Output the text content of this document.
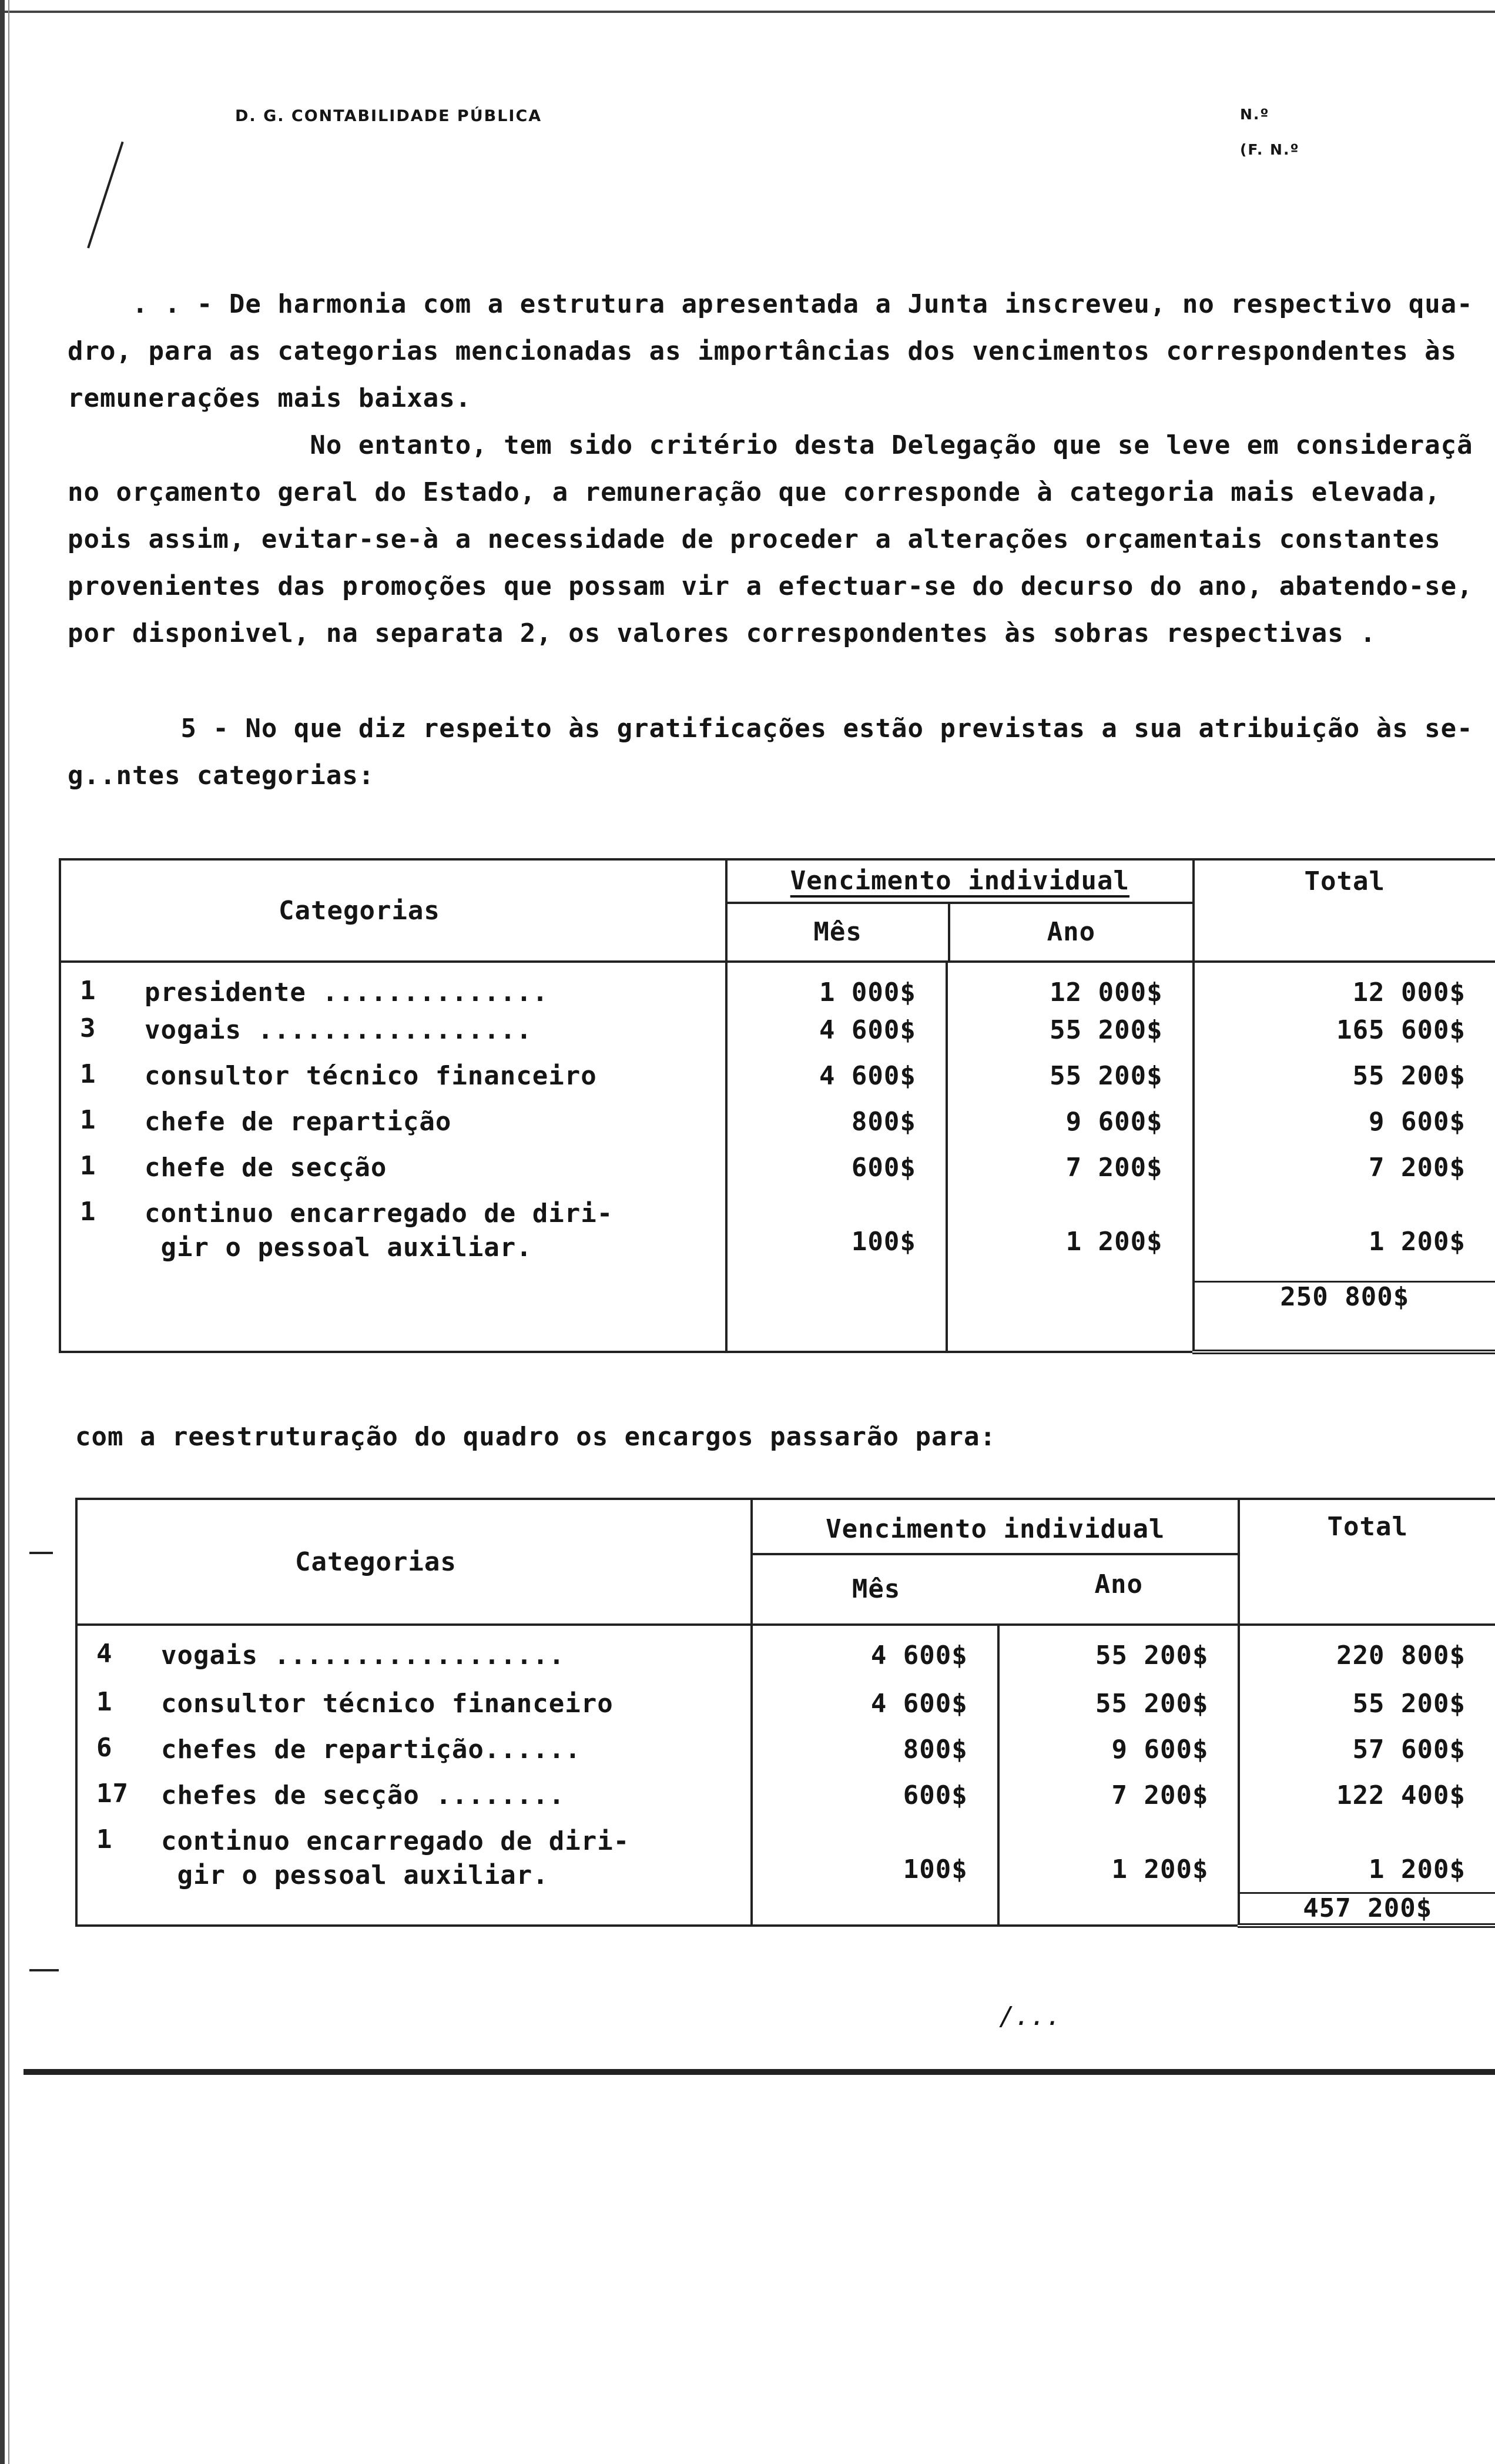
D. G. CONTABILIDADE PÚBLICA	N.º
(F. N.º

. . - De harmonia com a estrutura apresentada a Junta inscreveu, no respectivo qua-
dro, para as categorias mencionadas as importâncias dos vencimentos correspondentes às
remunerações mais baixas.

No entanto, tem sido critério desta Delegação que se leve em consideraçã
no orçamento geral do Estado, a remuneração que corresponde à categoria mais elevada,
pois assim, evitar-se-à a necessidade de proceder a alterações orçamentais constantes
provenientes das promoções que possam vir a efectuar-se do decurso do ano, abatendo-se,
por disponivel, na separata 2, os valores correspondentes às sobras respectivas .

5 - No que diz respeito às gratificações estão previstas a sua atribuição às se-
g..ntes categorias:

Categorias	Vencimento individual
Mês Ano		Total
1 presidente ..............	1 000$	12 000$	12 000$
3 vogais .................	4 600$	55 200$	165 600$
1 consultor técnico financeiro	4 600$	55 200$	55 200$
1 chefe de repartição	800$	9 600$	9 600$
1 chefe de secção	600$	7 200$	7 200$
1 continuo encarregado de diri-
gir o pessoal auxiliar.	100$	1 200$	1 200$
			250 800$

com a reestruturação do quadro os encargos passarão para:

Categorias	Vencimento individual
Mês Ano		Total
4 vogais ..................	4 600$	55 200$	220 800$
1 consultor técnico financeiro	4 600$	55 200$	55 200$
6 chefes de repartição......	800$	9 600$	57 600$
17 chefes de secção ........	600$	7 200$	122 400$
1 continuo encarregado de diri-
gir o pessoal auxiliar.	100$	1 200$	1 200$
			457 200$
/...
